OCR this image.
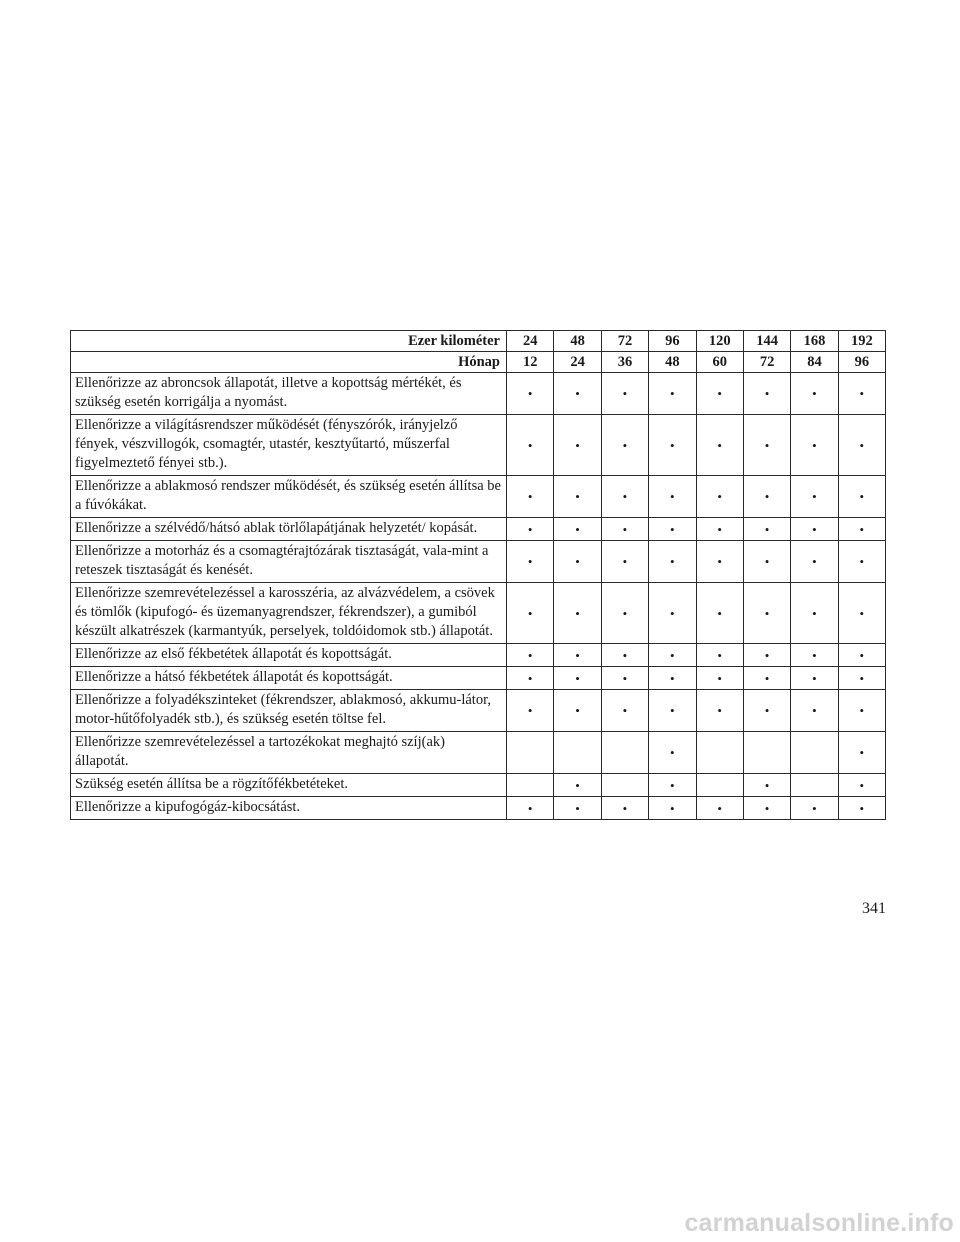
Ezer kilométer	24	48	72	96	120	144	168	192
Hónap	12	24	36	48	60	72	84	96
Ellenőrizze az abroncsok állapotát, illetve a kopottság mértékét, és szükség esetén korrigálja a nyomást.	•	•	•	•	•	•	•	•
Ellenőrizze a világításrendszer működését (fényszórók, irányjelző fények, vészvillogók, csomagtér, utastér, kesztyűtartó, műszerfal figyelmeztető fényei stb.).	•	•	•	•	•	•	•	•
Ellenőrizze a ablakmosó rendszer működését, és szükség esetén állítsa be a fúvókákat.	•	•	•	•	•	•	•	•
Ellenőrizze a szélvédő/hátsó ablak törlőlapátjának helyzetét/ kopását.	•	•	•	•	•	•	•	•
Ellenőrizze a motorház és a csomagtérajtózárak tisztaságát, vala-mint a reteszek tisztaságát és kenését.	•	•	•	•	•	•	•	•
Ellenőrizze szemrevételezéssel a karosszéria, az alvázvédelem, a csövek és tömlők (kipufogó- és üzemanyagrendszer, fékrendszer), a gumiból készült alkatrészek (karmantyúk, perselyek, toldóidomok stb.) állapotát.	•	•	•	•	•	•	•	•
Ellenőrizze az első fékbetétek állapotát és kopottságát.	•	•	•	•	•	•	•	•
Ellenőrizze a hátsó fékbetétek állapotát és kopottságát.	•	•	•	•	•	•	•	•
Ellenőrizze a folyadékszinteket (fékrendszer, ablakmosó, akkumu-látor, motor-hűtőfolyadék stb.), és szükség esetén töltse fel.	•	•	•	•	•	•	•	•
Ellenőrizze szemrevételezéssel a tartozékokat meghajtó szíj(ak) állapotát.				•				•
Szükség esetén állítsa be a rögzítőfékbetéteket.		•		•		•		•
Ellenőrizze a kipufogógáz-kibocsátást.	•	•	•	•	•	•	•	•
341
carmanualsonline.info
